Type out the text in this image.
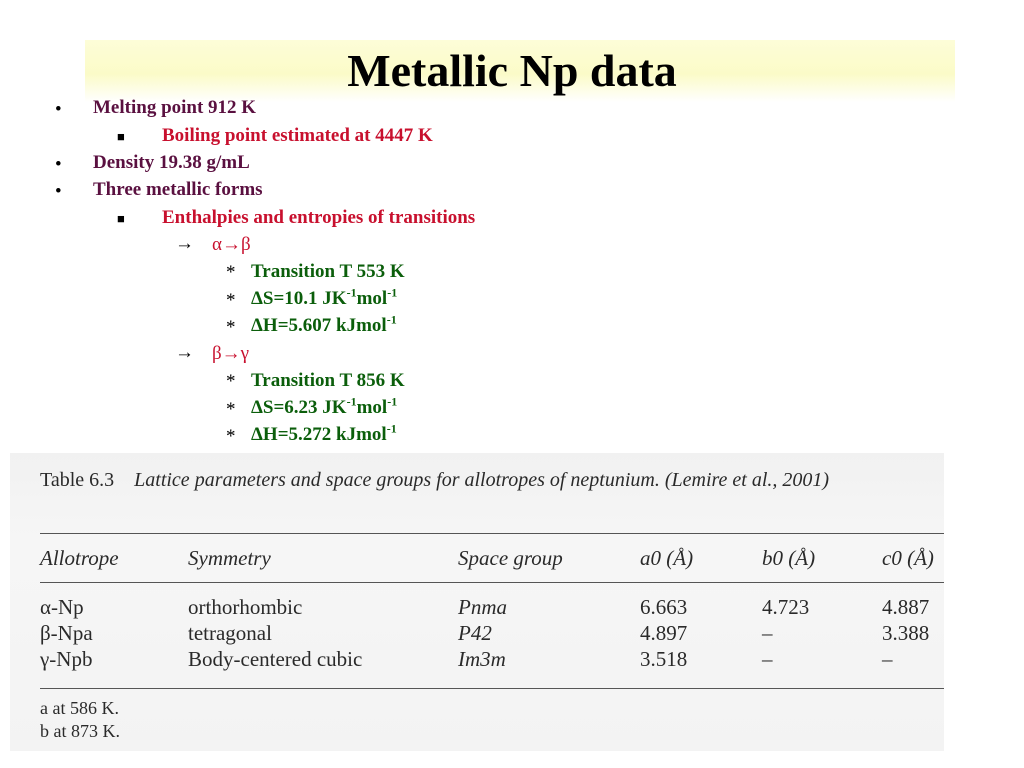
Metallic Np data
• Melting point 912 K
■ Boiling point estimated at 4447 K
• Density 19.38 g/mL
• Three metallic forms
■ Enthalpies and entropies of transitions
→ α→β
* Transition T 553 K
* ΔS=10.1 $JK^{-1}mol^{-1}$
* ΔH=5.607 kJmol$^{-1}$
→ β→γ
* Transition T 856 K
* ΔS=6.23 $JK^{-1}mol^{-1}$
* ΔH=5.272 kJmol$^{-1}$
Table 6.3 Lattice parameters and space groups for allotropes of neptunium. (Lemire et al., 2001)
Allotrope	Symmetry	Space group	a0 (Å)	b0 (Å)	c0 (Å)
α-Np	orthorhombic	Pnma	6.663	4.723	4.887
β-Npa	tetragonal	P42	4.897	–	3.388
γ-Npb	Body-centered cubic	Im3m	3.518	–	–
a at 586 K.
b at 873 K.
